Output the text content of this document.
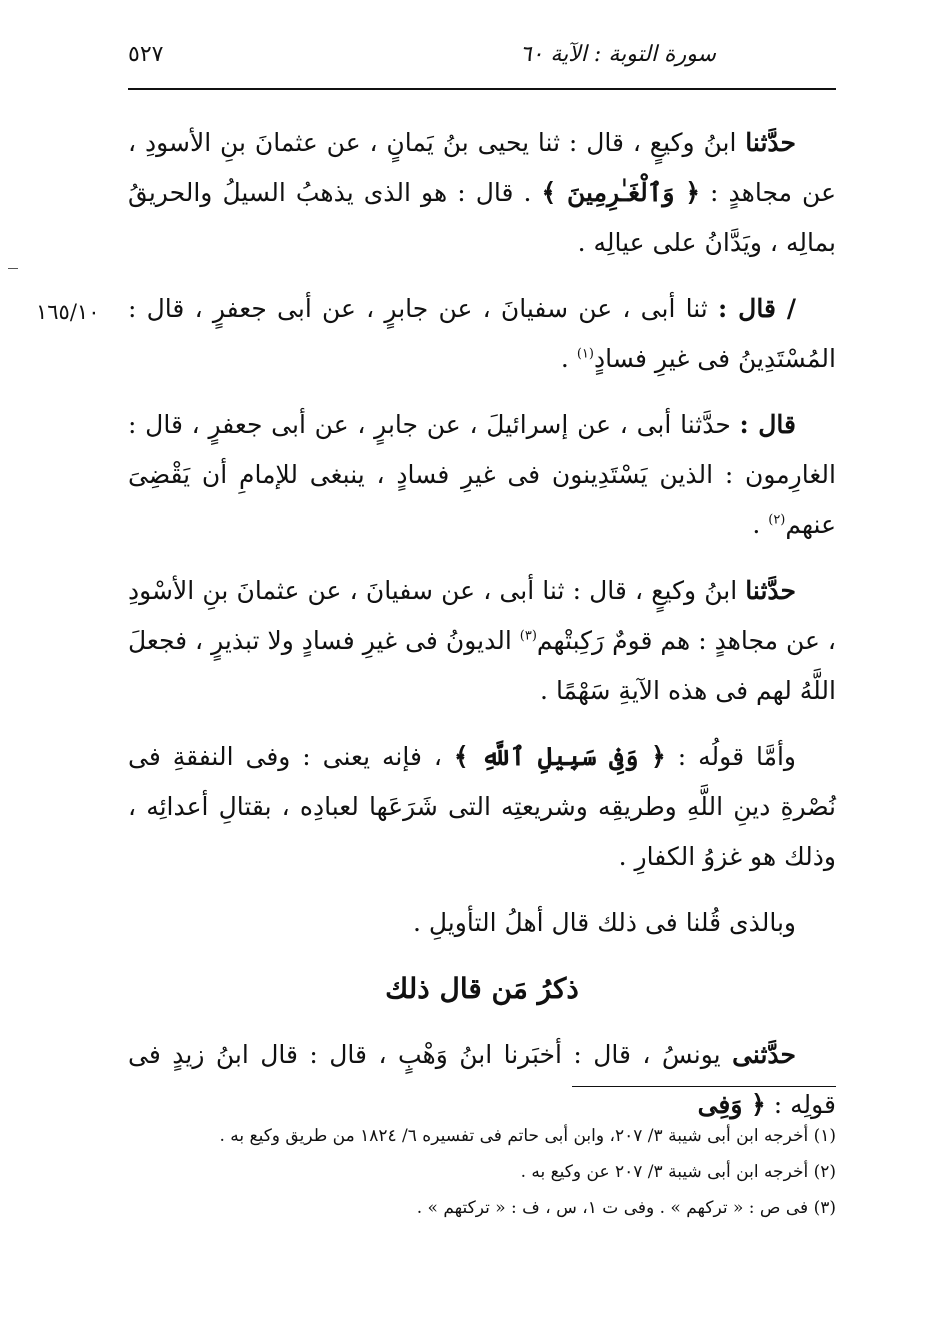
سورة التوبة : الآية ٦٠
٥٢٧
١٦٥/١٠

حدَّثنا ابنُ وكيعٍ ، قال : ثنا يحيى بنُ يَمانٍ ، عن عثمانَ بنِ الأسودِ ، عن مجاهدٍ : ﴿ وَٱلْغَـٰرِمِينَ ﴾ . قال : هو الذى يذهبُ السيلُ والحريقُ بمالِه ، ويَدَّانُ على عيالِه .

/ قال : ثنا أبى ، عن سفيانَ ، عن جابرٍ ، عن أبى جعفرٍ ، قال : المُسْتَدِينُ فى غيرِ فسادٍ$^{(١)}$ .

قال : حدَّثنا أبى ، عن إسرائيلَ ، عن جابرٍ ، عن أبى جعفرٍ ، قال : الغارِمون : الذين يَسْتَدِينون فى غيرِ فسادٍ ، ينبغى للإمامِ أن يَقْضِىَ عنهم$^{(٢)}$ .

حدَّثنا ابنُ وكيعٍ ، قال : ثنا أبى ، عن سفيانَ ، عن عثمانَ بنِ الأسْودِ ، عن مجاهدٍ : هم قومٌ رَكِبتْهم$^{(٣)}$ الديونُ فى غيرِ فسادٍ ولا تبذيرٍ ، فجعلَ اللَّهُ لهم فى هذه الآيةِ سَهْمًا .

وأمَّا قولُه : ﴿ وَفِى سَبِيلِ ٱللَّهِ ﴾ ، فإنه يعنى : وفى النفقةِ فى نُصْرةِ دينِ اللَّهِ وطريقِه وشريعتِه التى شَرَعَها لعبادِه ، بقتالِ أعدائِه ، وذلك هو غزوُ الكفارِ .

وبالذى قُلنا فى ذلك قال أهلُ التأويلِ .

ذكرُ مَن قال ذلك

حدَّثنى يونسُ ، قال : أخبَرنا ابنُ وَهْبٍ ، قال : قال ابنُ زيدٍ فى قولِه : ﴿ وَفِى

(١) أخرجه ابن أبى شيبة ٣/ ٢٠٧، وابن أبى حاتم فى تفسيره ٦/ ١٨٢٤ من طريق وكيع به .
(٢) أخرجه ابن أبى شيبة ٣/ ٢٠٧ عن وكيع به .
(٣) فى ص : « تركهم » . وفى ت ١، س ، ف : « تركتهم » .
